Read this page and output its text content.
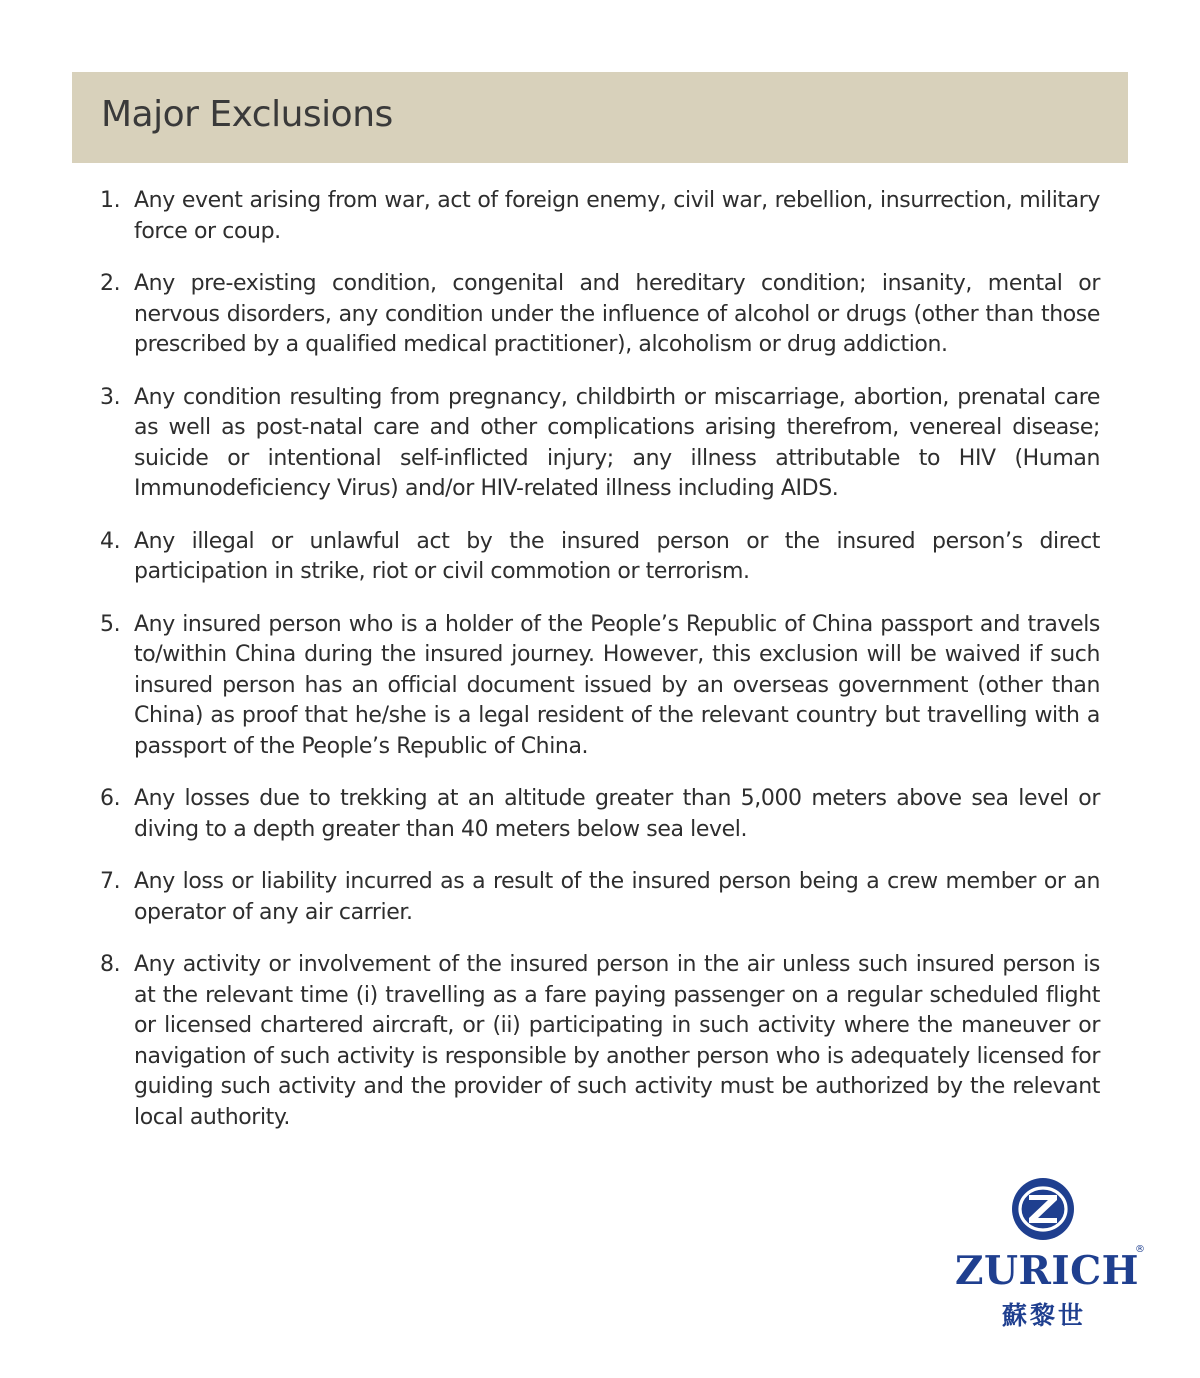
Major Exclusions
1. Any event arising from war, act of foreign enemy, civil war, rebellion, insurrection, military force or coup.
2. Any pre-existing condition, congenital and hereditary condition; insanity, mental or nervous disorders, any condition under the influence of alcohol or drugs (other than those prescribed by a qualified medical practitioner), alcoholism or drug addiction.
3. Any condition resulting from pregnancy, childbirth or miscarriage, abortion, prenatal care as well as post-natal care and other complications arising therefrom, venereal disease; suicide or intentional self-inflicted injury; any illness attributable to HIV (Human Immunodeficiency Virus) and/or HIV-related illness including AIDS.
4. Any illegal or unlawful act by the insured person or the insured person’s direct participation in strike, riot or civil commotion or terrorism.
5. Any insured person who is a holder of the People’s Republic of China passport and travels to/within China during the insured journey. However, this exclusion will be waived if such insured person has an official document issued by an overseas government (other than China) as proof that he/she is a legal resident of the relevant country but travelling with a passport of the People’s Republic of China.
6. Any losses due to trekking at an altitude greater than 5,000 meters above sea level or diving to a depth greater than 40 meters below sea level.
7. Any loss or liability incurred as a result of the insured person being a crew member or an operator of any air carrier.
8. Any activity or involvement of the insured person in the air unless such insured person is at the relevant time (i) travelling as a fare paying passenger on a regular scheduled flight or licensed chartered aircraft, or (ii) participating in such activity where the maneuver or navigation of such activity is responsible by another person who is adequately licensed for guiding such activity and the provider of such activity must be authorized by the relevant local authority.
ZURICH
®
蘇黎世
